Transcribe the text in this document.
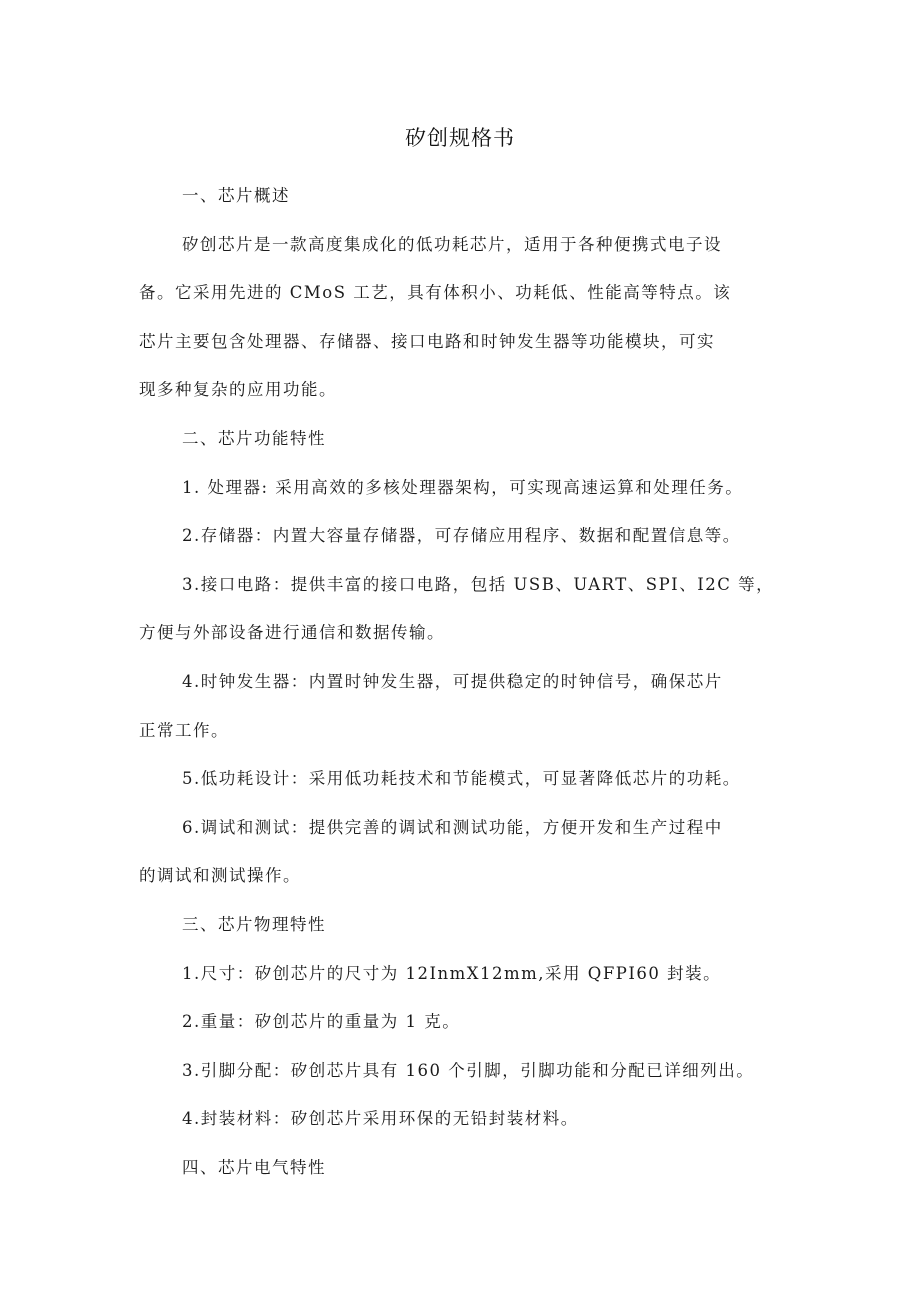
矽创规格书

一、芯片概述

矽创芯片是一款高度集成化的低功耗芯片，适用于各种便携式电子设

备。它采用先进的 CMoS 工艺，具有体积小、功耗低、性能高等特点。该

芯片主要包含处理器、存储器、接口电路和时钟发生器等功能模块，可实

现多种复杂的应用功能。

二、芯片功能特性

1. 处理器: 采用高效的多核处理器架构，可实现高速运算和处理任务。

2.存储器：内置大容量存储器，可存储应用程序、数据和配置信息等。

3.接口电路：提供丰富的接口电路，包括 USB、UART、SPI、I2C 等，

方便与外部设备进行通信和数据传输。

4.时钟发生器：内置时钟发生器，可提供稳定的时钟信号，确保芯片

正常工作。

5.低功耗设计：采用低功耗技术和节能模式，可显著降低芯片的功耗。

6.调试和测试：提供完善的调试和测试功能，方便开发和生产过程中

的调试和测试操作。

三、芯片物理特性

1.尺寸：矽创芯片的尺寸为 12InmX12mm,采用 QFPI60 封装。

2.重量：矽创芯片的重量为 1 克。

3.引脚分配：矽创芯片具有 160 个引脚，引脚功能和分配已详细列出。

4.封装材料：矽创芯片采用环保的无铅封装材料。

四、芯片电气特性
